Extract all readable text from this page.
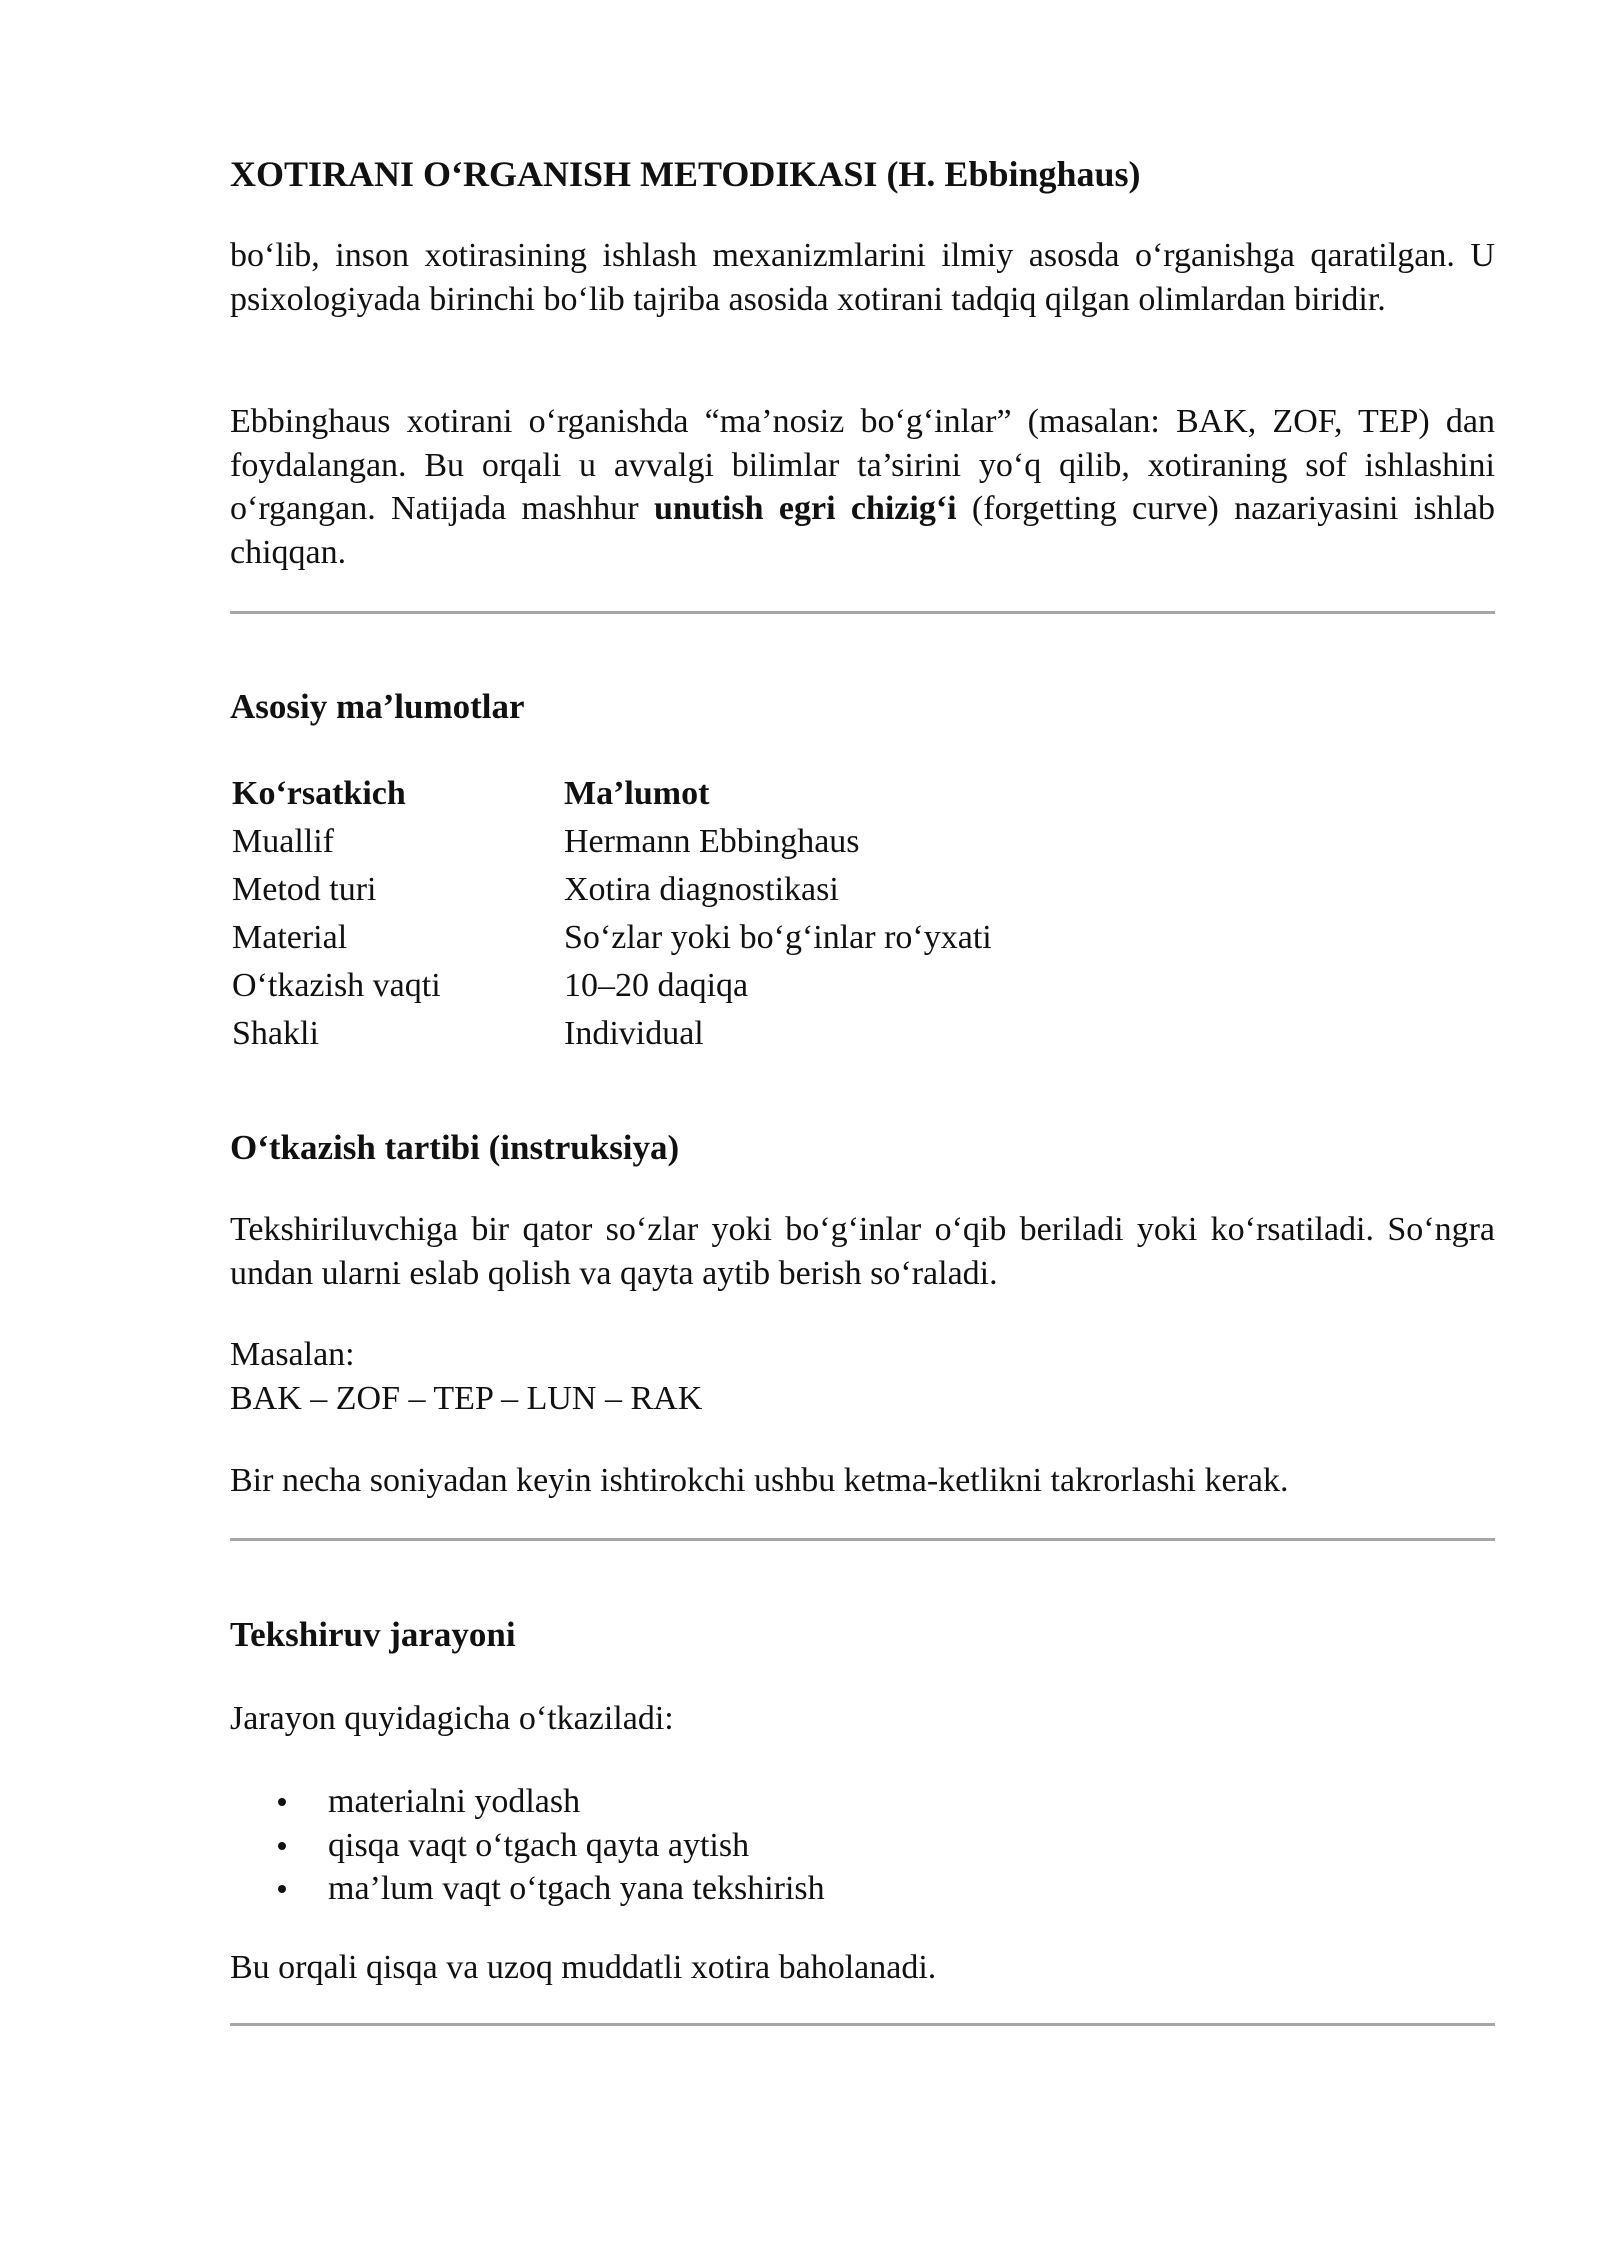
XOTIRANI O‘RGANISH METODIKASI (H. Ebbinghaus)

bo‘lib, inson xotirasining ishlash mexanizmlarini ilmiy asosda o‘rganishga qaratilgan. U psixologiyada birinchi bo‘lib tajriba asosida xotirani tadqiq qilgan olimlardan biridir.

Ebbinghaus xotirani o‘rganishda “ma’nosiz bo‘g‘inlar” (masalan: BAK, ZOF, TEP) dan foydalangan. Bu orqali u avvalgi bilimlar ta’sirini yo‘q qilib, xotiraning sof ishlashini o‘rgangan. Natijada mashhur unutish egri chizig‘i (forgetting curve) nazariyasini ishlab chiqqan.

Asosiy ma’lumotlar
Ko‘rsatkich	Ma’lumot
Muallif	Hermann Ebbinghaus
Metod turi	Xotira diagnostikasi
Material	So‘zlar yoki bo‘g‘inlar ro‘yxati
O‘tkazish vaqti	10–20 daqiqa
Shakli	Individual
O‘tkazish tartibi (instruksiya)

Tekshiriluvchiga bir qator so‘zlar yoki bo‘g‘inlar o‘qib beriladi yoki ko‘rsatiladi. So‘ngra undan ularni eslab qolish va qayta aytib berish so‘raladi.

Masalan:

BAK – ZOF – TEP – LUN – RAK

Bir necha soniyadan keyin ishtirokchi ushbu ketma-ketlikni takrorlashi kerak.

Tekshiruv jarayoni

Jarayon quyidagicha o‘tkaziladi:

materialni yodlash
qisqa vaqt o‘tgach qayta aytish
ma’lum vaqt o‘tgach yana tekshirish

Bu orqali qisqa va uzoq muddatli xotira baholanadi.
